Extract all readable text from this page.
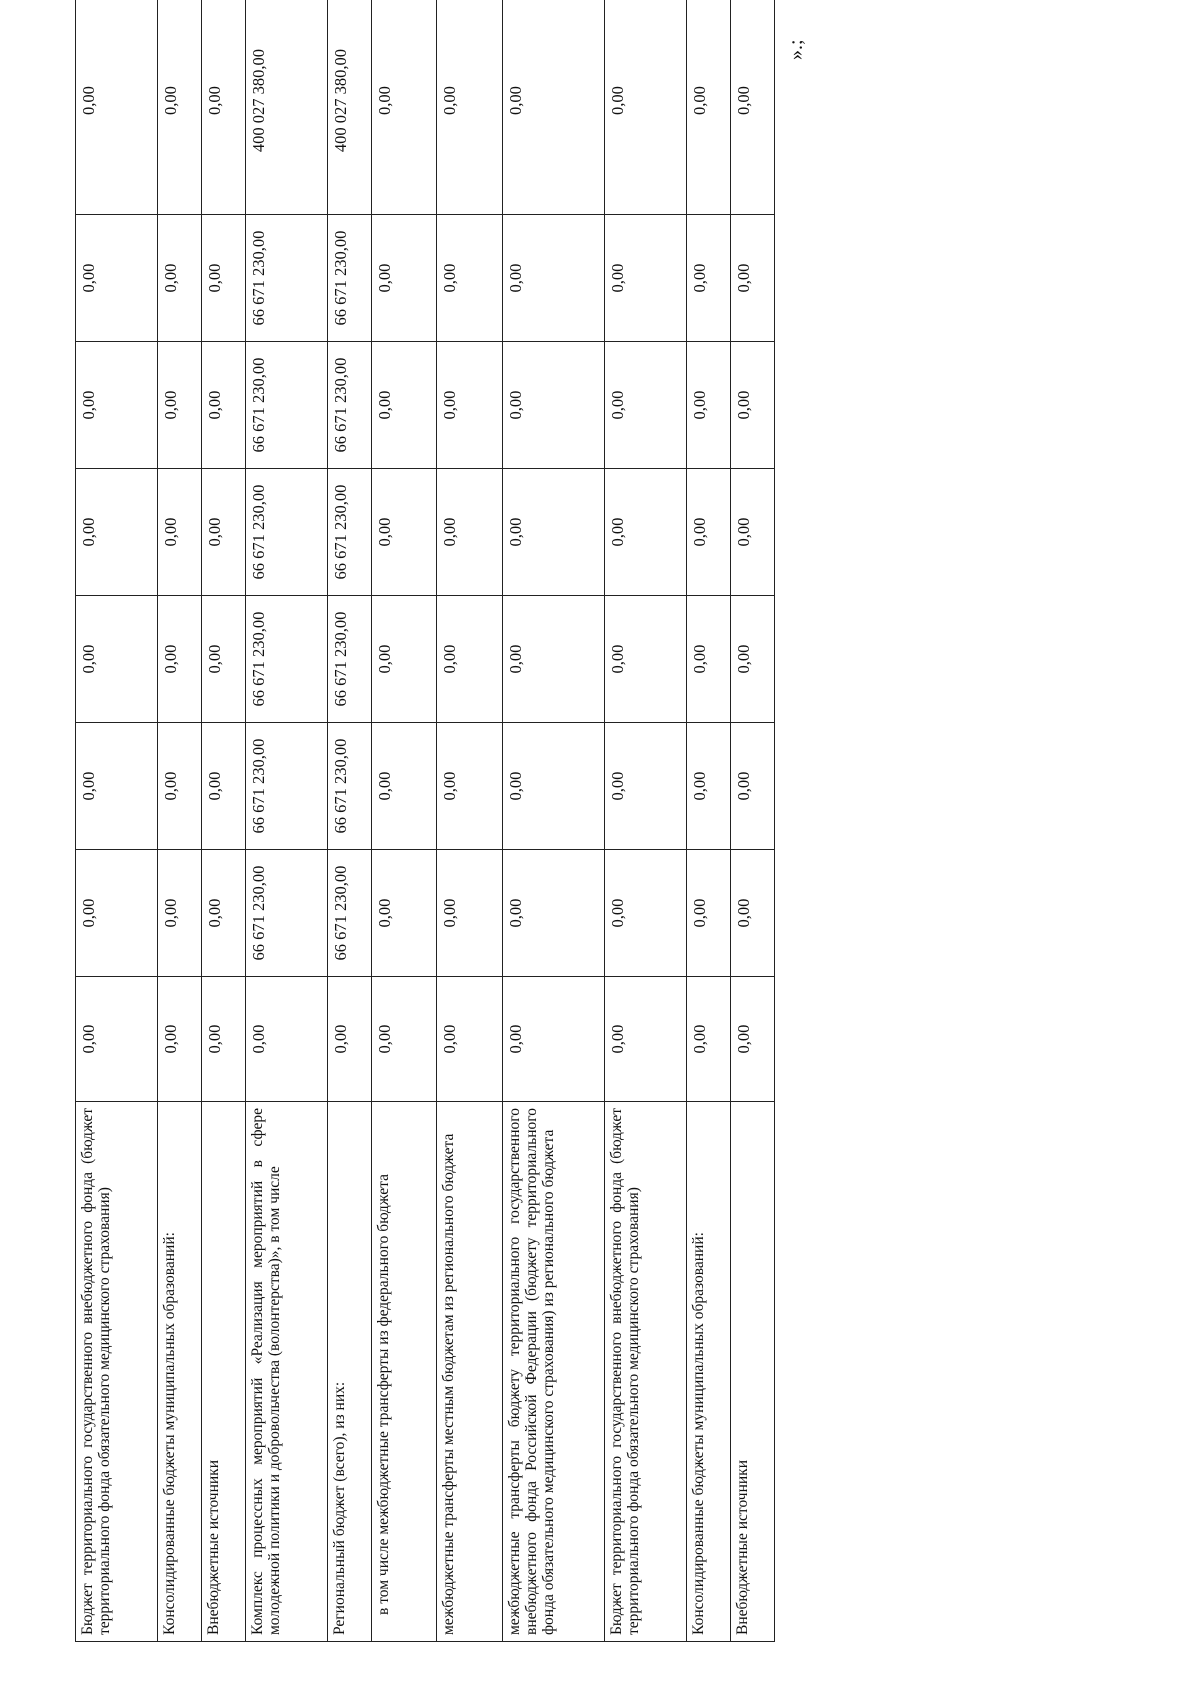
Бюджет территориального государственного внебюджетного фонда (бюджет территориального фонда обязательного медицинского страхования)	0,00	0,00	0,00	0,00	0,00	0,00	0,00	0,00
Консолидированные бюджеты муниципальных образований:	0,00	0,00	0,00	0,00	0,00	0,00	0,00	0,00
Внебюджетные источники	0,00	0,00	0,00	0,00	0,00	0,00	0,00	0,00
Комплекс процессных мероприятий «Реализация мероприятий в сфере молодежной политики и добровольчества (волонтерства)», в том числе	0,00	66 671 230,00	66 671 230,00	66 671 230,00	66 671 230,00	66 671 230,00	66 671 230,00	400 027 380,00
Региональный бюджет (всего), из них:	0,00	66 671 230,00	66 671 230,00	66 671 230,00	66 671 230,00	66 671 230,00	66 671 230,00	400 027 380,00
в том числе межбюджетные трансферты из федерального бюджета	0,00	0,00	0,00	0,00	0,00	0,00	0,00	0,00
межбюджетные трансферты местным бюджетам из регионального бюджета	0,00	0,00	0,00	0,00	0,00	0,00	0,00	0,00
межбюджетные трансферты бюджету территориального государственного внебюджетного фонда Российской Федерации (бюджету территориального фонда обязательного медицинского страхования) из регионального бюджета	0,00	0,00	0,00	0,00	0,00	0,00	0,00	0,00
Бюджет территориального государственного внебюджетного фонда (бюджет территориального фонда обязательного медицинского страхования)	0,00	0,00	0,00	0,00	0,00	0,00	0,00	0,00
Консолидированные бюджеты муниципальных образований:	0,00	0,00	0,00	0,00	0,00	0,00	0,00	0,00
Внебюджетные источники	0,00	0,00	0,00	0,00	0,00	0,00	0,00	0,00
».;
